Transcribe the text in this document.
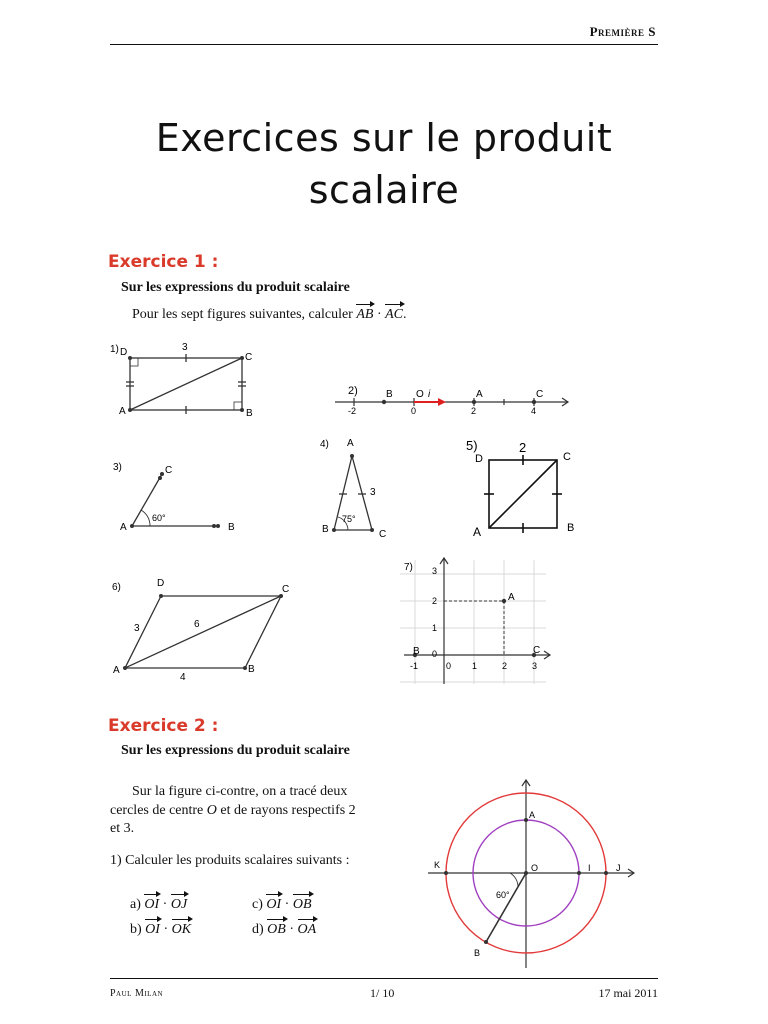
Première S
Exercices sur le produit
scalaire
Exercice 1 :
Sur les expressions du produit scalaire
Pour les sept figures suivantes, calculer AB · AC.
1) D	C
A	B
3
2)	B O i	A	C
-2	0	2	4
3)	C
A	B
60°
4) A
B	C
3
75°
5)
D	C
A	B
2
6)	D
C
A	B
3	6
4
7)
A
B	C
3
2
1
0
-1	0 1	2	3
A
K	O	I	J
B
60°
Exercice 2 :
Sur les expressions du produit scalaire
Sur la figure ci-contre, on a tracé deux
cercles de centre O et de rayons respectifs 2
et 3.
1) Calculer les produits scalaires suivants :
a) OI · OJ	c) OI · OB
b) OI · OK	d) OB · OA
Paul Milan	1/ 10	17 mai 2011
